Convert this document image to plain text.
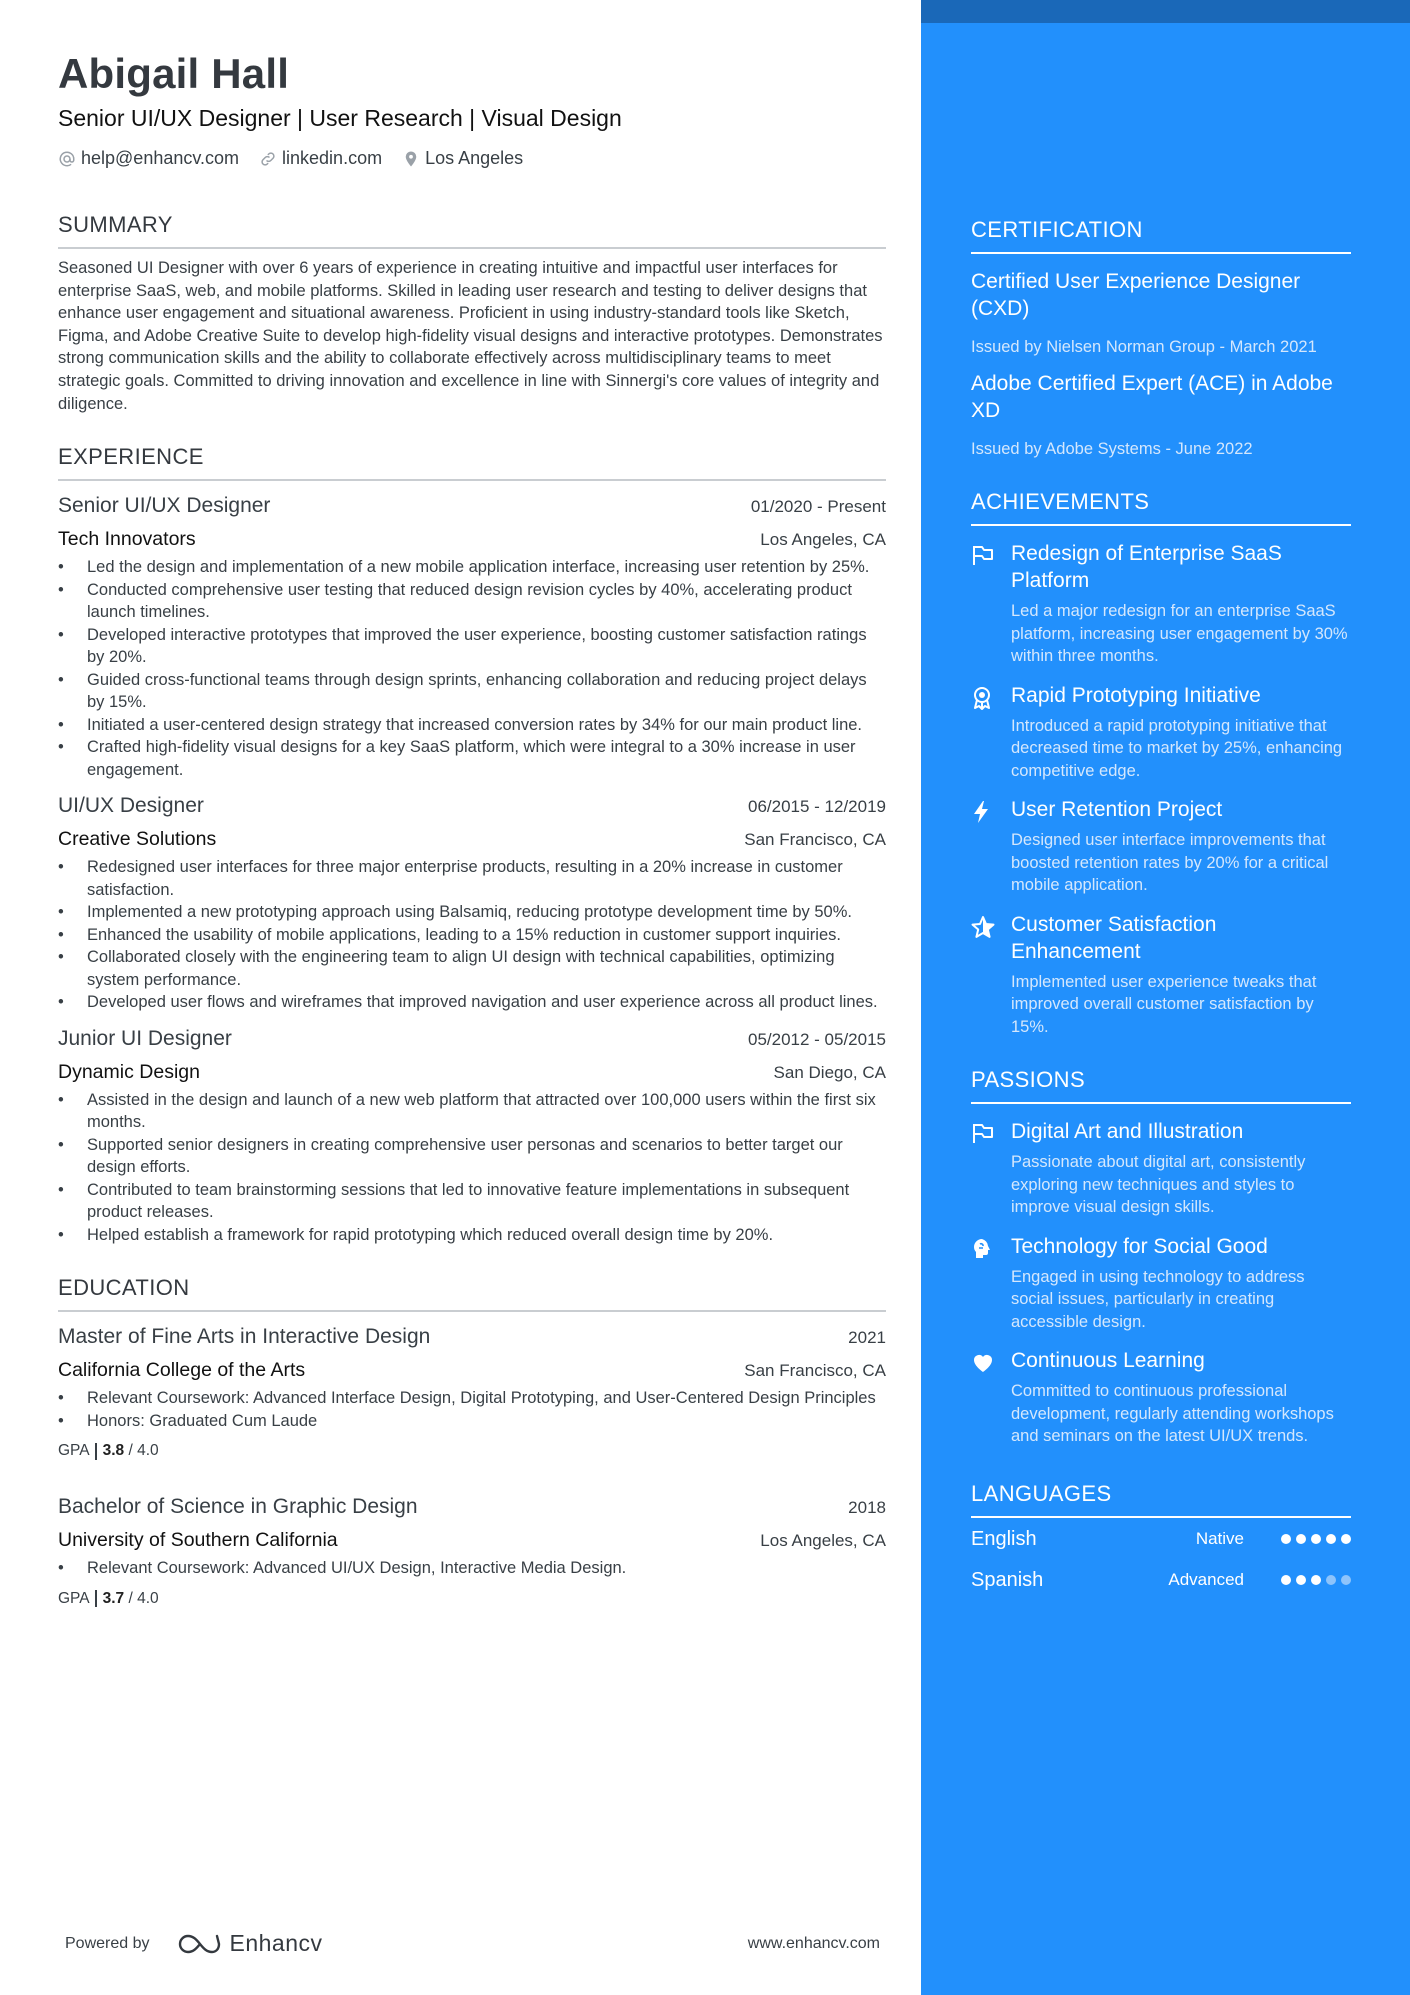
Abigail Hall
Senior UI/UX Designer | User Research | Visual Design
help@enhancv.com linkedin.com Los Angeles
SUMMARY
Seasoned UI Designer with over 6 years of experience in creating intuitive and impactful user interfaces for enterprise SaaS, web, and mobile platforms. Skilled in leading user research and testing to deliver designs that enhance user engagement and situational awareness. Proficient in using industry-standard tools like Sketch, Figma, and Adobe Creative Suite to develop high-fidelity visual designs and interactive prototypes. Demonstrates strong communication skills and the ability to collaborate effectively across multidisciplinary teams to meet strategic goals. Committed to driving innovation and excellence in line with Sinnergi's core values of integrity and diligence.
EXPERIENCE
Senior UI/UX Designer	01/2020 - Present
Tech Innovators	Los Angeles, CA
• Led the design and implementation of a new mobile application interface, increasing user retention by 25%.
• Conducted comprehensive user testing that reduced design revision cycles by 40%, accelerating product launch timelines.
• Developed interactive prototypes that improved the user experience, boosting customer satisfaction ratings by 20%.
• Guided cross-functional teams through design sprints, enhancing collaboration and reducing project delays by 15%.
• Initiated a user-centered design strategy that increased conversion rates by 34% for our main product line.
• Crafted high-fidelity visual designs for a key SaaS platform, which were integral to a 30% increase in user engagement.
UI/UX Designer	06/2015 - 12/2019
Creative Solutions	San Francisco, CA
• Redesigned user interfaces for three major enterprise products, resulting in a 20% increase in customer satisfaction.
• Implemented a new prototyping approach using Balsamiq, reducing prototype development time by 50%.
• Enhanced the usability of mobile applications, leading to a 15% reduction in customer support inquiries.
• Collaborated closely with the engineering team to align UI design with technical capabilities, optimizing system performance.
• Developed user flows and wireframes that improved navigation and user experience across all product lines.
Junior UI Designer	05/2012 - 05/2015
Dynamic Design	San Diego, CA
• Assisted in the design and launch of a new web platform that attracted over 100,000 users within the first six months.
• Supported senior designers in creating comprehensive user personas and scenarios to better target our design efforts.
• Contributed to team brainstorming sessions that led to innovative feature implementations in subsequent product releases.
• Helped establish a framework for rapid prototyping which reduced overall design time by 20%.
EDUCATION
Master of Fine Arts in Interactive Design	2021
California College of the Arts	San Francisco, CA
• Relevant Coursework: Advanced Interface Design, Digital Prototyping, and User-Centered Design Principles
• Honors: Graduated Cum Laude
GPA 3.8 / 4.0
Bachelor of Science in Graphic Design	2018
University of Southern California	Los Angeles, CA
• Relevant Coursework: Advanced UI/UX Design, Interactive Media Design.
GPA 3.7 / 4.0
Powered by	Enhancv	www.enhancv.com
CERTIFICATION
Certified User Experience Designer (CXD)
Issued by Nielsen Norman Group - March 2021
Adobe Certified Expert (ACE) in Adobe XD
Issued by Adobe Systems - June 2022
ACHIEVEMENTS
Redesign of Enterprise SaaS Platform
Led a major redesign for an enterprise SaaS platform, increasing user engagement by 30% within three months.
Rapid Prototyping Initiative
Introduced a rapid prototyping initiative that decreased time to market by 25%, enhancing competitive edge.
User Retention Project
Designed user interface improvements that boosted retention rates by 20% for a critical mobile application.
Customer Satisfaction Enhancement
Implemented user experience tweaks that improved overall customer satisfaction by 15%.
PASSIONS
Digital Art and Illustration
Passionate about digital art, consistently exploring new techniques and styles to improve visual design skills.
Technology for Social Good
Engaged in using technology to address social issues, particularly in creating accessible design.
Continuous Learning
Committed to continuous professional development, regularly attending workshops and seminars on the latest UI/UX trends.
LANGUAGES
English	Native
Spanish	Advanced
